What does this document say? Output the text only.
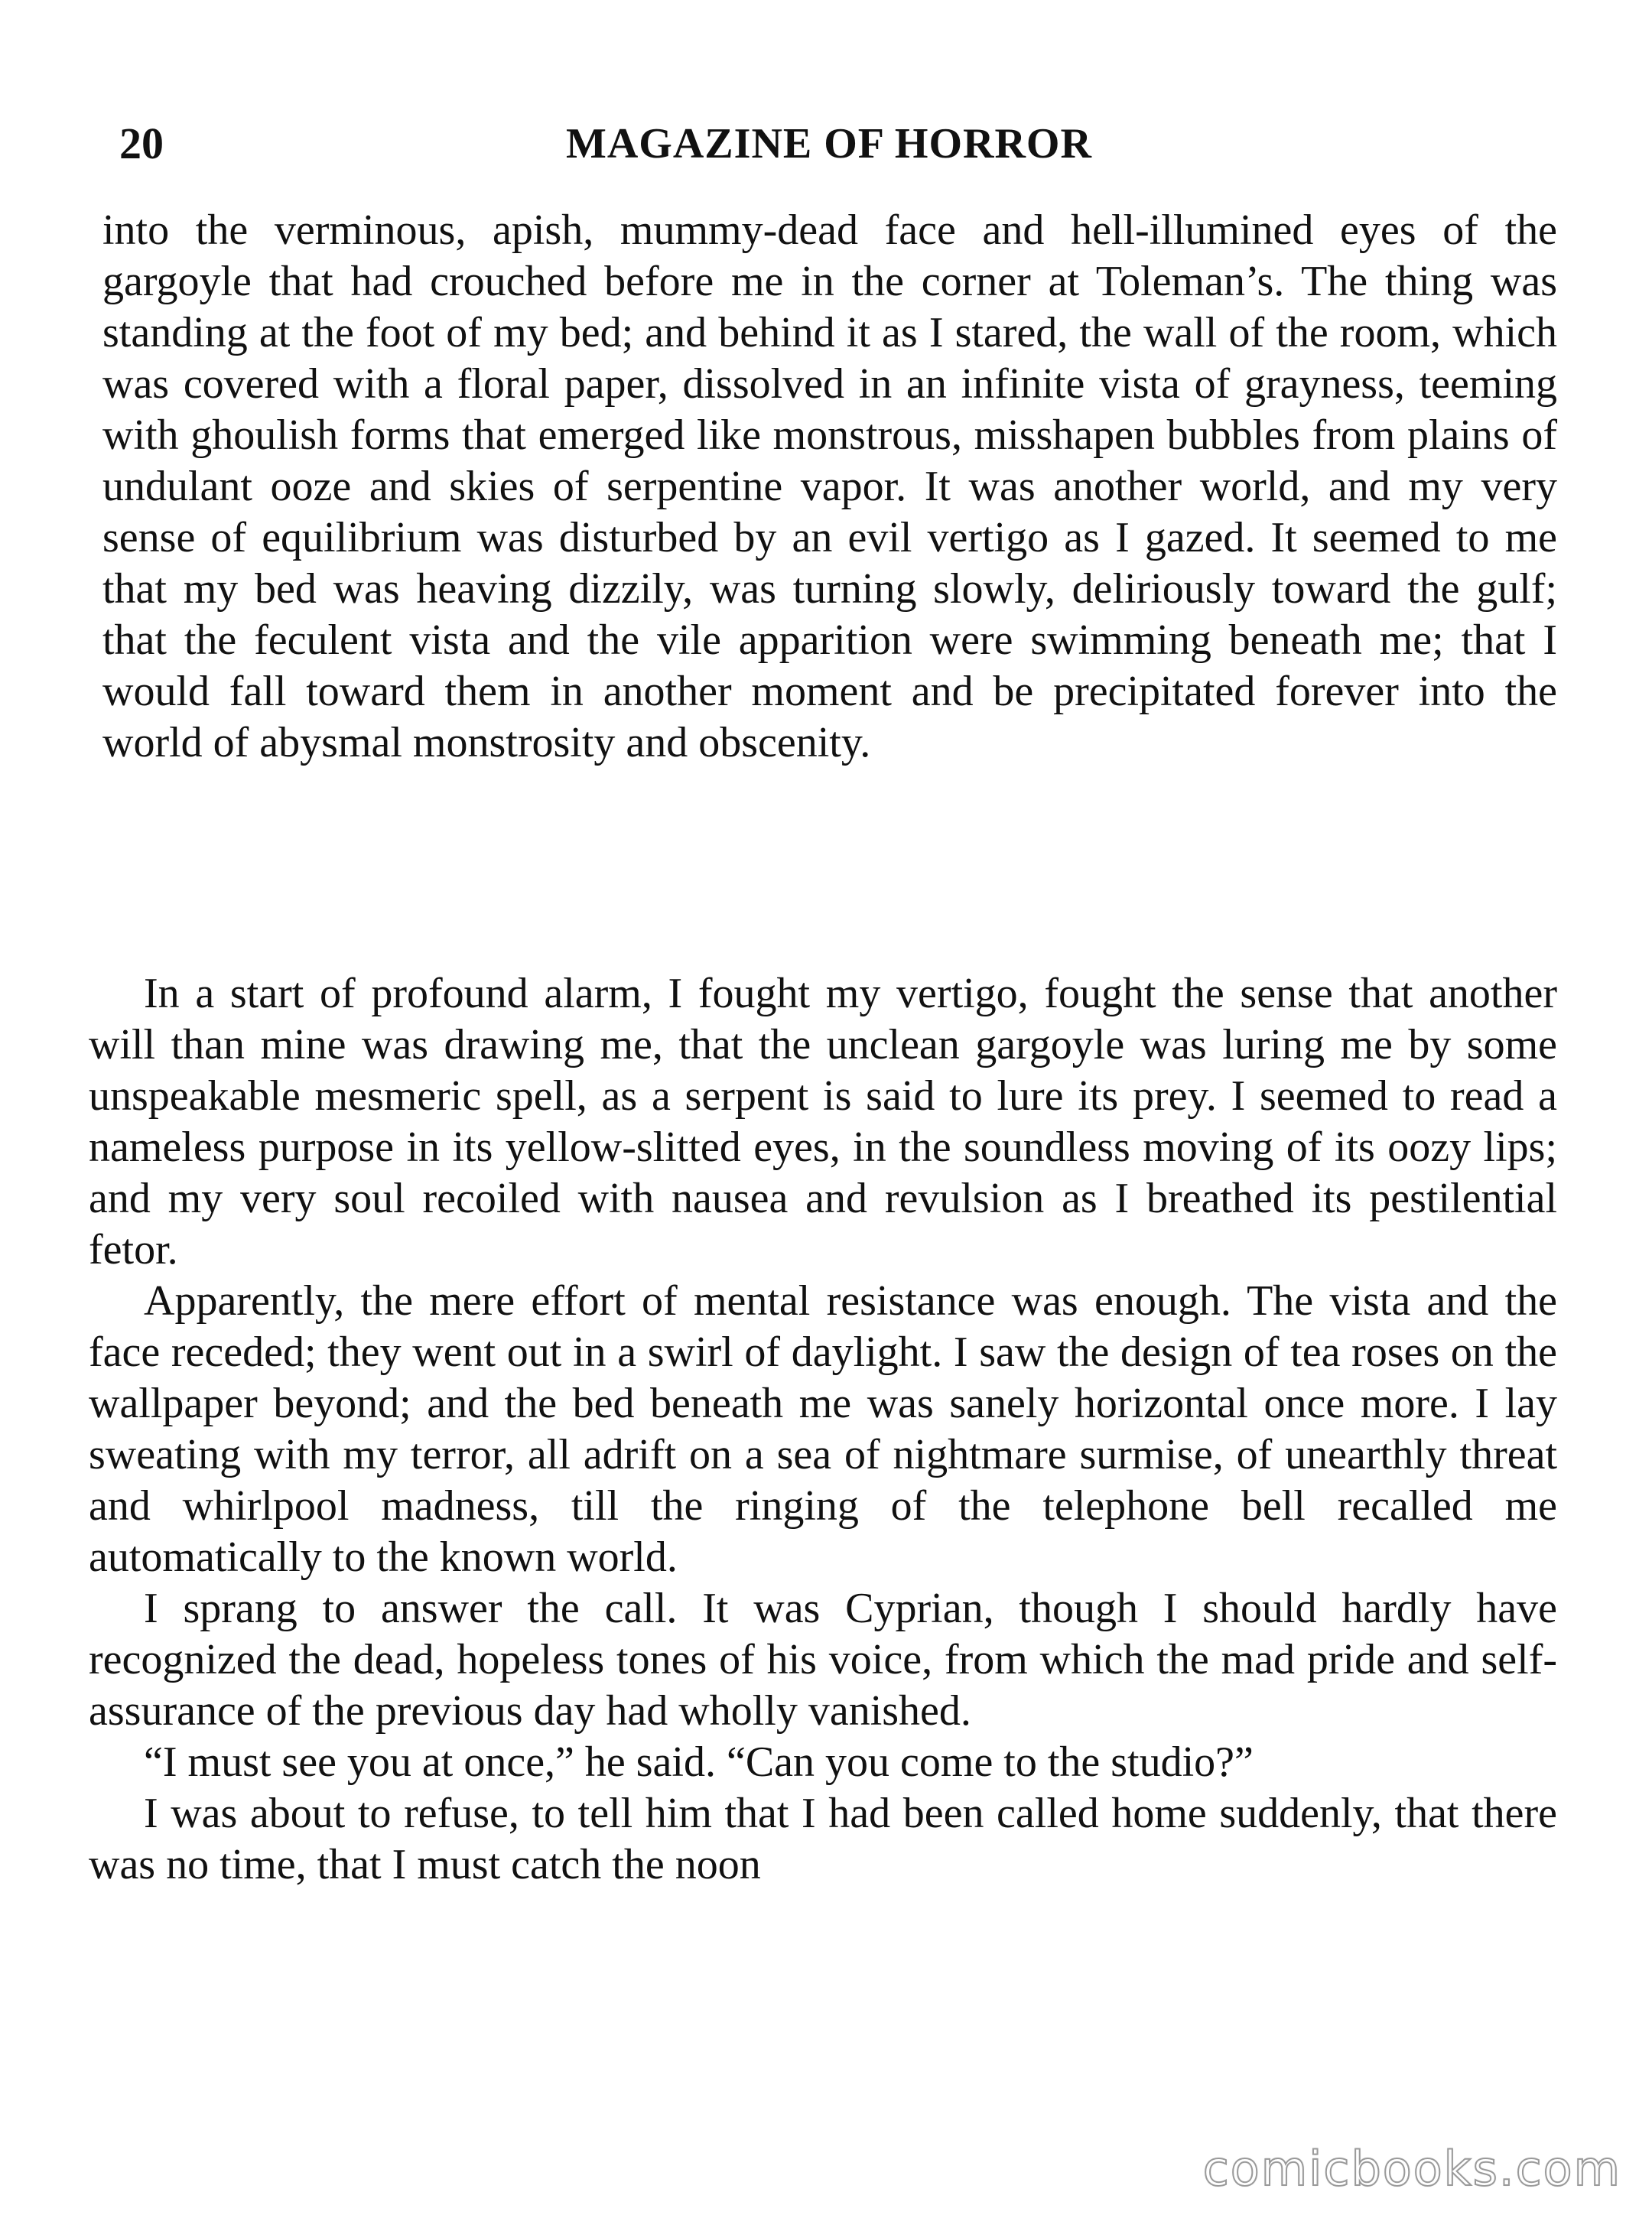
20	MAGAZINE OF HORROR

into the verminous, apish, mummy-dead face and hell-illumined eyes of the gargoyle that had crouched before me in the corner at Toleman’s. The thing was standing at the foot of my bed; and behind it as I stared, the wall of the room, which was covered with a floral paper, dissolved in an infinite vista of grayness, teeming with ghoulish forms that emerged like monstrous, misshapen bubbles from plains of undulant ooze and skies of serpentine vapor. It was another world, and my very sense of equilibrium was disturbed by an evil vertigo as I gazed. It seemed to me that my bed was heaving dizzily, was turning slowly, deliriously toward the gulf; that the feculent vista and the vile apparition were swimming beneath me; that I would fall toward them in another moment and be precipitated forever into the world of abysmal monstrosity and obscenity.

In a start of profound alarm, I fought my vertigo, fought the sense that another will than mine was drawing me, that the unclean gargoyle was luring me by some unspeakable mesmeric spell, as a serpent is said to lure its prey. I seemed to read a nameless purpose in its yellow-slitted eyes, in the soundless moving of its oozy lips; and my very soul recoiled with nausea and revulsion as I breathed its pestilential fetor.

Apparently, the mere effort of mental resistance was enough. The vista and the face receded; they went out in a swirl of daylight. I saw the design of tea roses on the wallpaper beyond; and the bed beneath me was sanely horizontal once more. I lay sweating with my terror, all adrift on a sea of nightmare surmise, of unearthly threat and whirlpool madness, till the ringing of the telephone bell recalled me automatically to the known world.

I sprang to answer the call. It was Cyprian, though I should hardly have recognized the dead, hopeless tones of his voice, from which the mad pride and self-assurance of the previous day had wholly vanished.

“I must see you at once,” he said. “Can you come to the studio?”

I was about to refuse, to tell him that I had been called home suddenly, that there was no time, that I must catch the noon

comicbooks.com
